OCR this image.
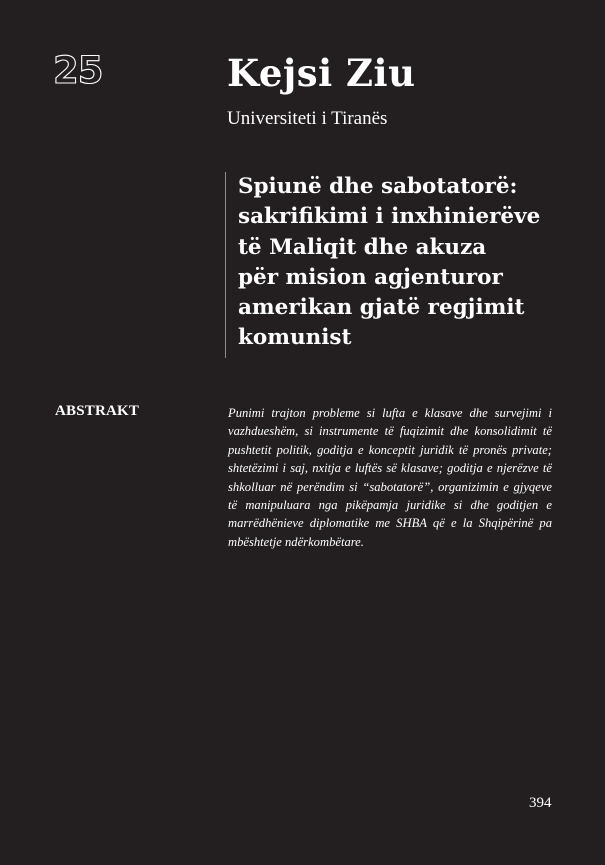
25	Kejsi Ziu
Universiteti i Tiranës
Spiunë dhe sabotatorë:
sakrifikimi i inxhinierëve
të Maliqit dhe akuza
për mision agjenturor
amerikan gjatë regjimit
komunist
ABSTRAKT	Punimi trajton probleme si lufta e klasave dhe survejimi i
vazhdueshëm, si instrumente të fuqizimit dhe konsolidimit të
pushtetit politik, goditja e konceptit juridik të pronës private;
shtetëzimi i saj, nxitja e luftës së klasave; goditja e njerëzve të
shkolluar në perëndim si “sabotatorë”, organizimin e gjyqeve
të manipuluara nga pikëpamja juridike si dhe goditjen e
marrëdhënieve diplomatike me SHBA që e la Shqipërinë pa
mbështetje ndërkombëtare.

394
